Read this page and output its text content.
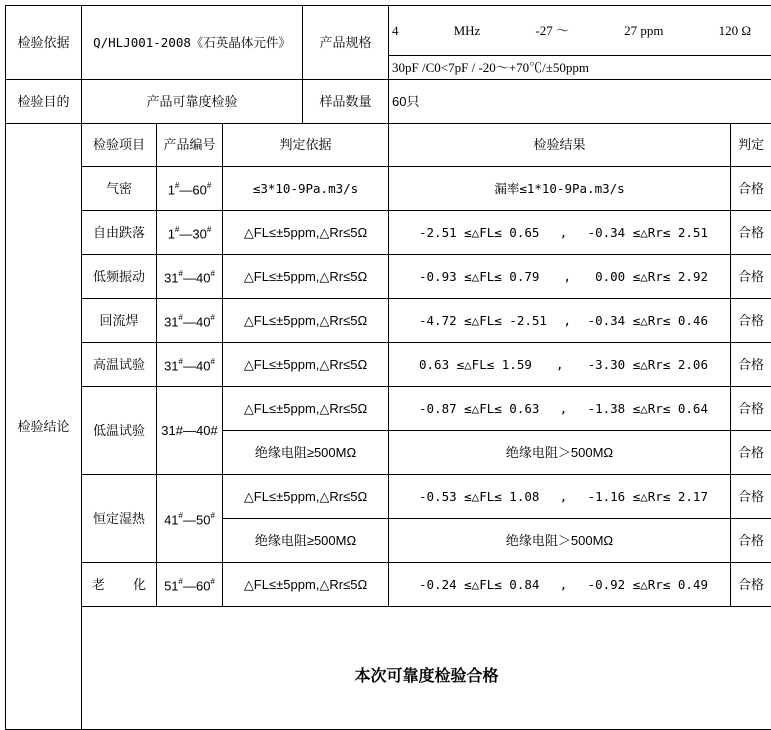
检验依据	Q/HLJ001-2008《石英晶体元件》			产品规格	4 MHz -27 ～ 27 ppm 120 Ω	

					30pF /C0<7pF / -20～+70℃/±50ppm	
检验目的	产品可靠度检验			样品数量	60只	
检验结论	检验项目	产品编号	判定依据		检验结果	判定
	气密	1#—60#	≤3*10-9Pa.m3/s		漏率≤1*10-9Pa.m3/s	合格
	自由跌落	1#—30#	△FL≤±5ppm,△Rr≤5Ω		-2.51 ≤△FL≤ 0.65 , -0.34 ≤△Rr≤ 2.51	合格
	低频振动	31#—40#	△FL≤±5ppm,△Rr≤5Ω		-0.93 ≤△FL≤ 0.79 , 0.00 ≤△Rr≤ 2.92	合格
	回流焊	31#—40#	△FL≤±5ppm,△Rr≤5Ω		-4.72 ≤△FL≤ -2.51 , -0.34 ≤△Rr≤ 0.46	合格
	高温试验	31#—40#	△FL≤±5ppm,△Rr≤5Ω		0.63 ≤△FL≤ 1.59 , -3.30 ≤△Rr≤ 2.06	合格
	低温试验	31#—40#	△FL≤±5ppm,△Rr≤5Ω		-0.87 ≤△FL≤ 0.63 , -1.38 ≤△Rr≤ 0.64	合格
			绝缘电阻≥500MΩ		绝缘电阻＞500MΩ	合格
	恒定湿热	41#—50#	△FL≤±5ppm,△Rr≤5Ω		-0.53 ≤△FL≤ 1.08 , -1.16 ≤△Rr≤ 2.17	合格
			绝缘电阻≥500MΩ		绝缘电阻＞500MΩ	合格

	老 化	51#—60#	△FL≤±5ppm,△Rr≤5Ω		-0.24 ≤△FL≤ 0.84 , -0.92 ≤△Rr≤ 0.49	合格
	本次可靠度检验合格					
